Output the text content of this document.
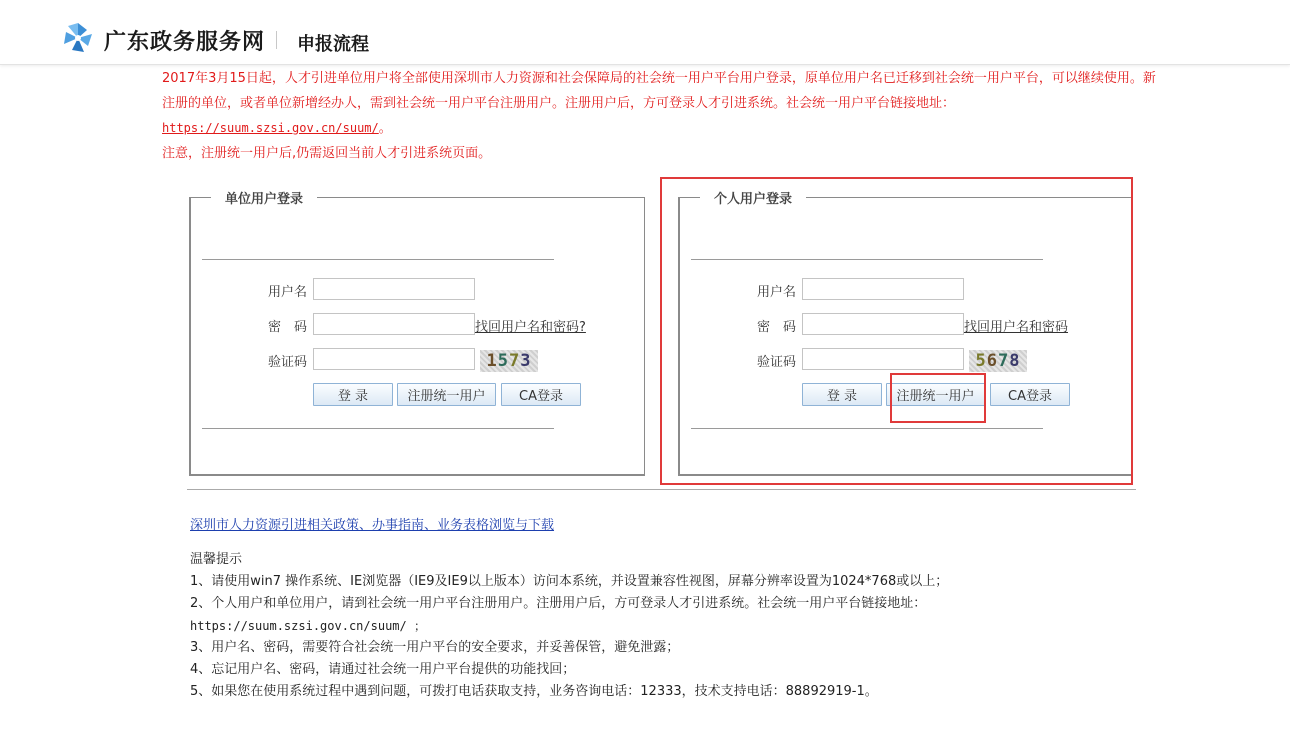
广东政务服务网 申报流程

2017年3月15日起，人才引进单位用户将全部使用深圳市人力资源和社会保障局的社会统一用户平台用户登录，原单位用户名已迁移到社会统一用户平台，可以继续使用。新注册的单位，或者单位新增经办人，需到社会统一用户平台注册用户。注册用户后，方可登录人才引进系统。社会统一用户平台链接地址：
https://suum.szsi.gov.cn/suum/。

注意，注册统一用户后,仍需返回当前人才引进系统页面。

单位用户登录
用户名
密　码	找回用户名和密码?
验证码	1573
登 录	注册统一用户	CA登录
个人用户登录
用户名
密　码	找回用户名和密码
验证码	5678
登 录	注册统一用户	CA登录
深圳市人力资源引进相关政策、办事指南、业务表格浏览与下载

温馨提示

1、请使用win7 操作系统、IE浏览器（IE9及IE9以上版本）访问本系统，并设置兼容性视图，屏幕分辨率设置为1024*768或以上；

2、个人用户和单位用户，请到社会统一用户平台注册用户。注册用户后，方可登录人才引进系统。社会统一用户平台链接地址：

https://suum.szsi.gov.cn/suum/ ；

3、用户名、密码，需要符合社会统一用户平台的安全要求，并妥善保管，避免泄露；

4、忘记用户名、密码，请通过社会统一用户平台提供的功能找回；

5、如果您在使用系统过程中遇到问题，可拨打电话获取支持，业务咨询电话：12333，技术支持电话：88892919-1。
